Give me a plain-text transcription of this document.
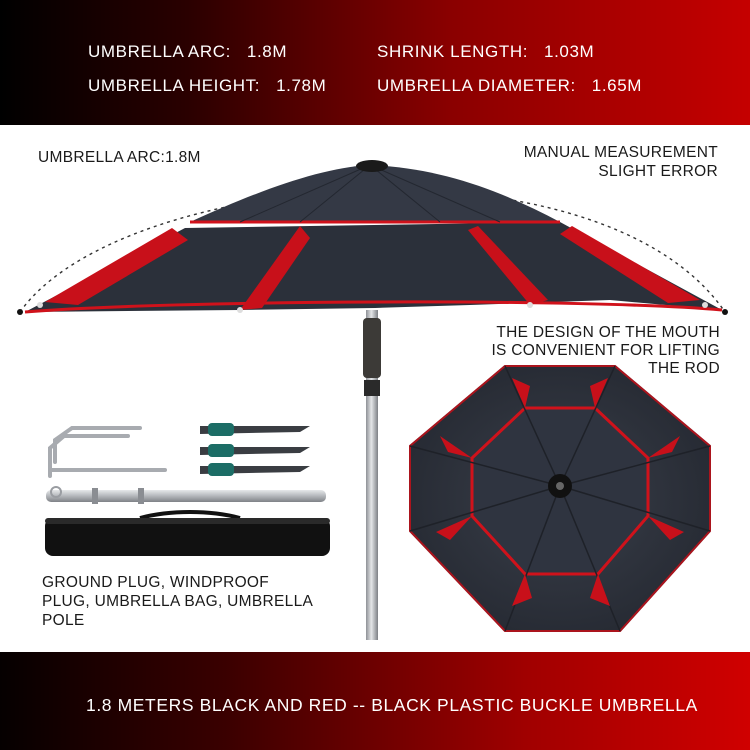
UMBRELLA ARC: 1.8M	SHRINK LENGTH: 1.03M
UMBRELLA HEIGHT: 1.78M	UMBRELLA DIAMETER: 1.65M
UMBRELLA ARC:1.8M	MANUAL MEASUREMENT
SLIGHT ERROR
THE DESIGN OF THE MOUTH
IS CONVENIENT FOR LIFTING
THE ROD
GROUND PLUG, WINDPROOF
PLUG, UMBRELLA BAG, UMBRELLA
POLE
1.8 METERS BLACK AND RED -- BLACK PLASTIC BUCKLE UMBRELLA
